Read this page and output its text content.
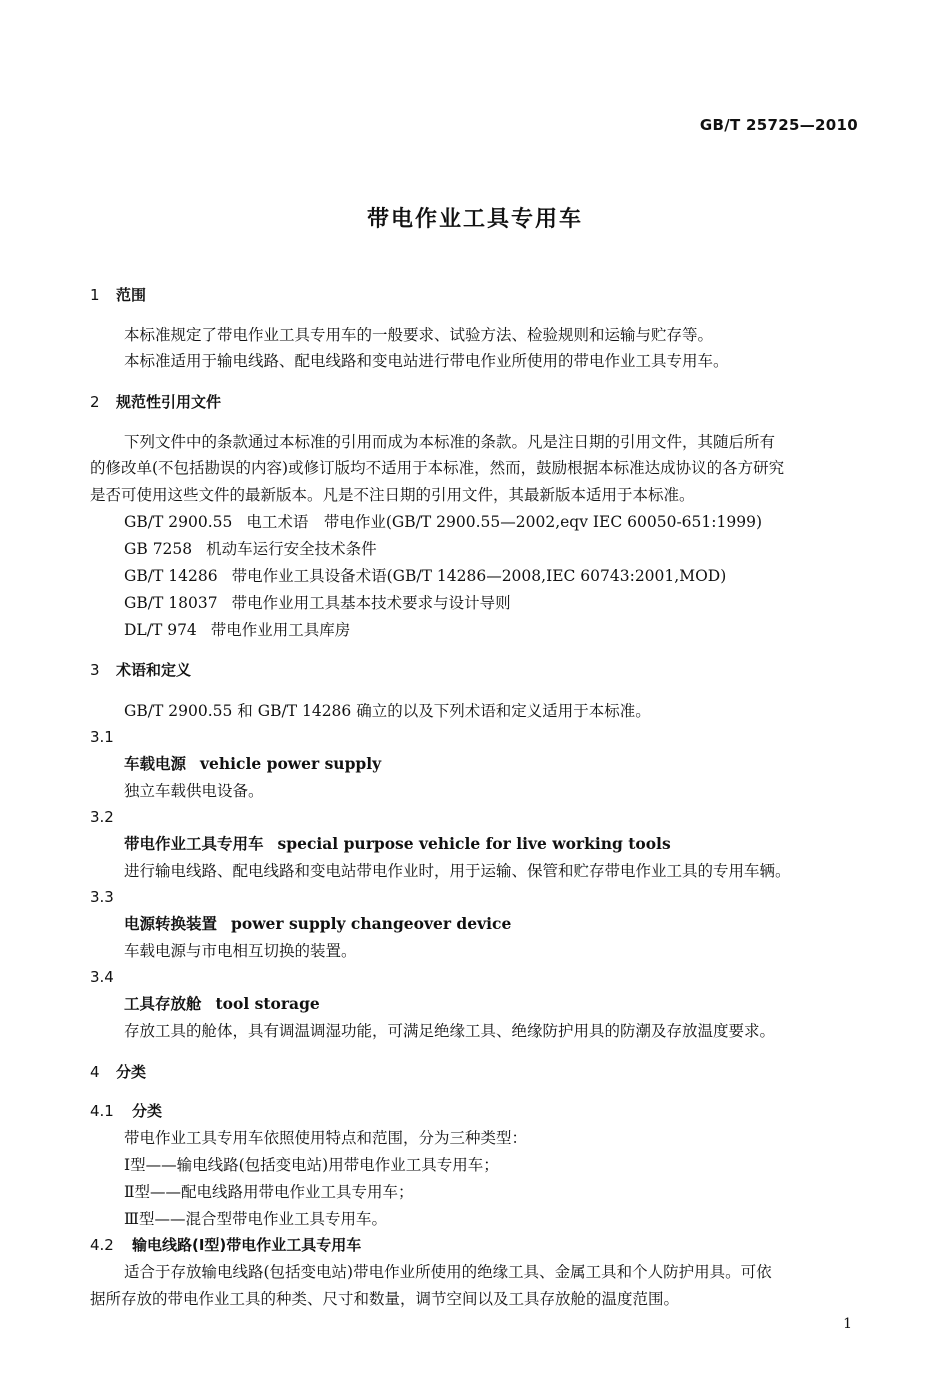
GB/T 25725—2010
带电作业工具专用车
1 范围
本标准规定了带电作业工具专用车的一般要求、试验方法、检验规则和运输与贮存等。
本标准适用于输电线路、配电线路和变电站进行带电作业所使用的带电作业工具专用车。
2 规范性引用文件
下列文件中的条款通过本标准的引用而成为本标准的条款。凡是注日期的引用文件，其随后所有
的修改单(不包括勘误的内容)或修订版均不适用于本标准，然而，鼓励根据本标准达成协议的各方研究
是否可使用这些文件的最新版本。凡是不注日期的引用文件，其最新版本适用于本标准。
GB/T 2900.55 电工术语　带电作业(GB/T 2900.55—2002,eqv IEC 60050-651:1999)
GB 7258 机动车运行安全技术条件
GB/T 14286 带电作业工具设备术语(GB/T 14286—2008,IEC 60743:2001,MOD)
GB/T 18037 带电作业用工具基本技术要求与设计导则
DL/T 974 带电作业用工具库房
3 术语和定义
GB/T 2900.55 和 GB/T 14286 确立的以及下列术语和定义适用于本标准。
3.1
车载电源 vehicle power supply
独立车载供电设备。
3.2
带电作业工具专用车 special purpose vehicle for live working tools
进行输电线路、配电线路和变电站带电作业时，用于运输、保管和贮存带电作业工具的专用车辆。
3.3
电源转换装置 power supply changeover device
车载电源与市电相互切换的装置。
3.4
工具存放舱 tool storage
存放工具的舱体，具有调温调湿功能，可满足绝缘工具、绝缘防护用具的防潮及存放温度要求。
4 分类
4.1 分类
带电作业工具专用车依照使用特点和范围，分为三种类型：
Ⅰ型——输电线路(包括变电站)用带电作业工具专用车；
Ⅱ型——配电线路用带电作业工具专用车；
Ⅲ型——混合型带电作业工具专用车。
4.2 输电线路(Ⅰ型)带电作业工具专用车
适合于存放输电线路(包括变电站)带电作业所使用的绝缘工具、金属工具和个人防护用具。可依
据所存放的带电作业工具的种类、尺寸和数量，调节空间以及工具存放舱的温度范围。
1
